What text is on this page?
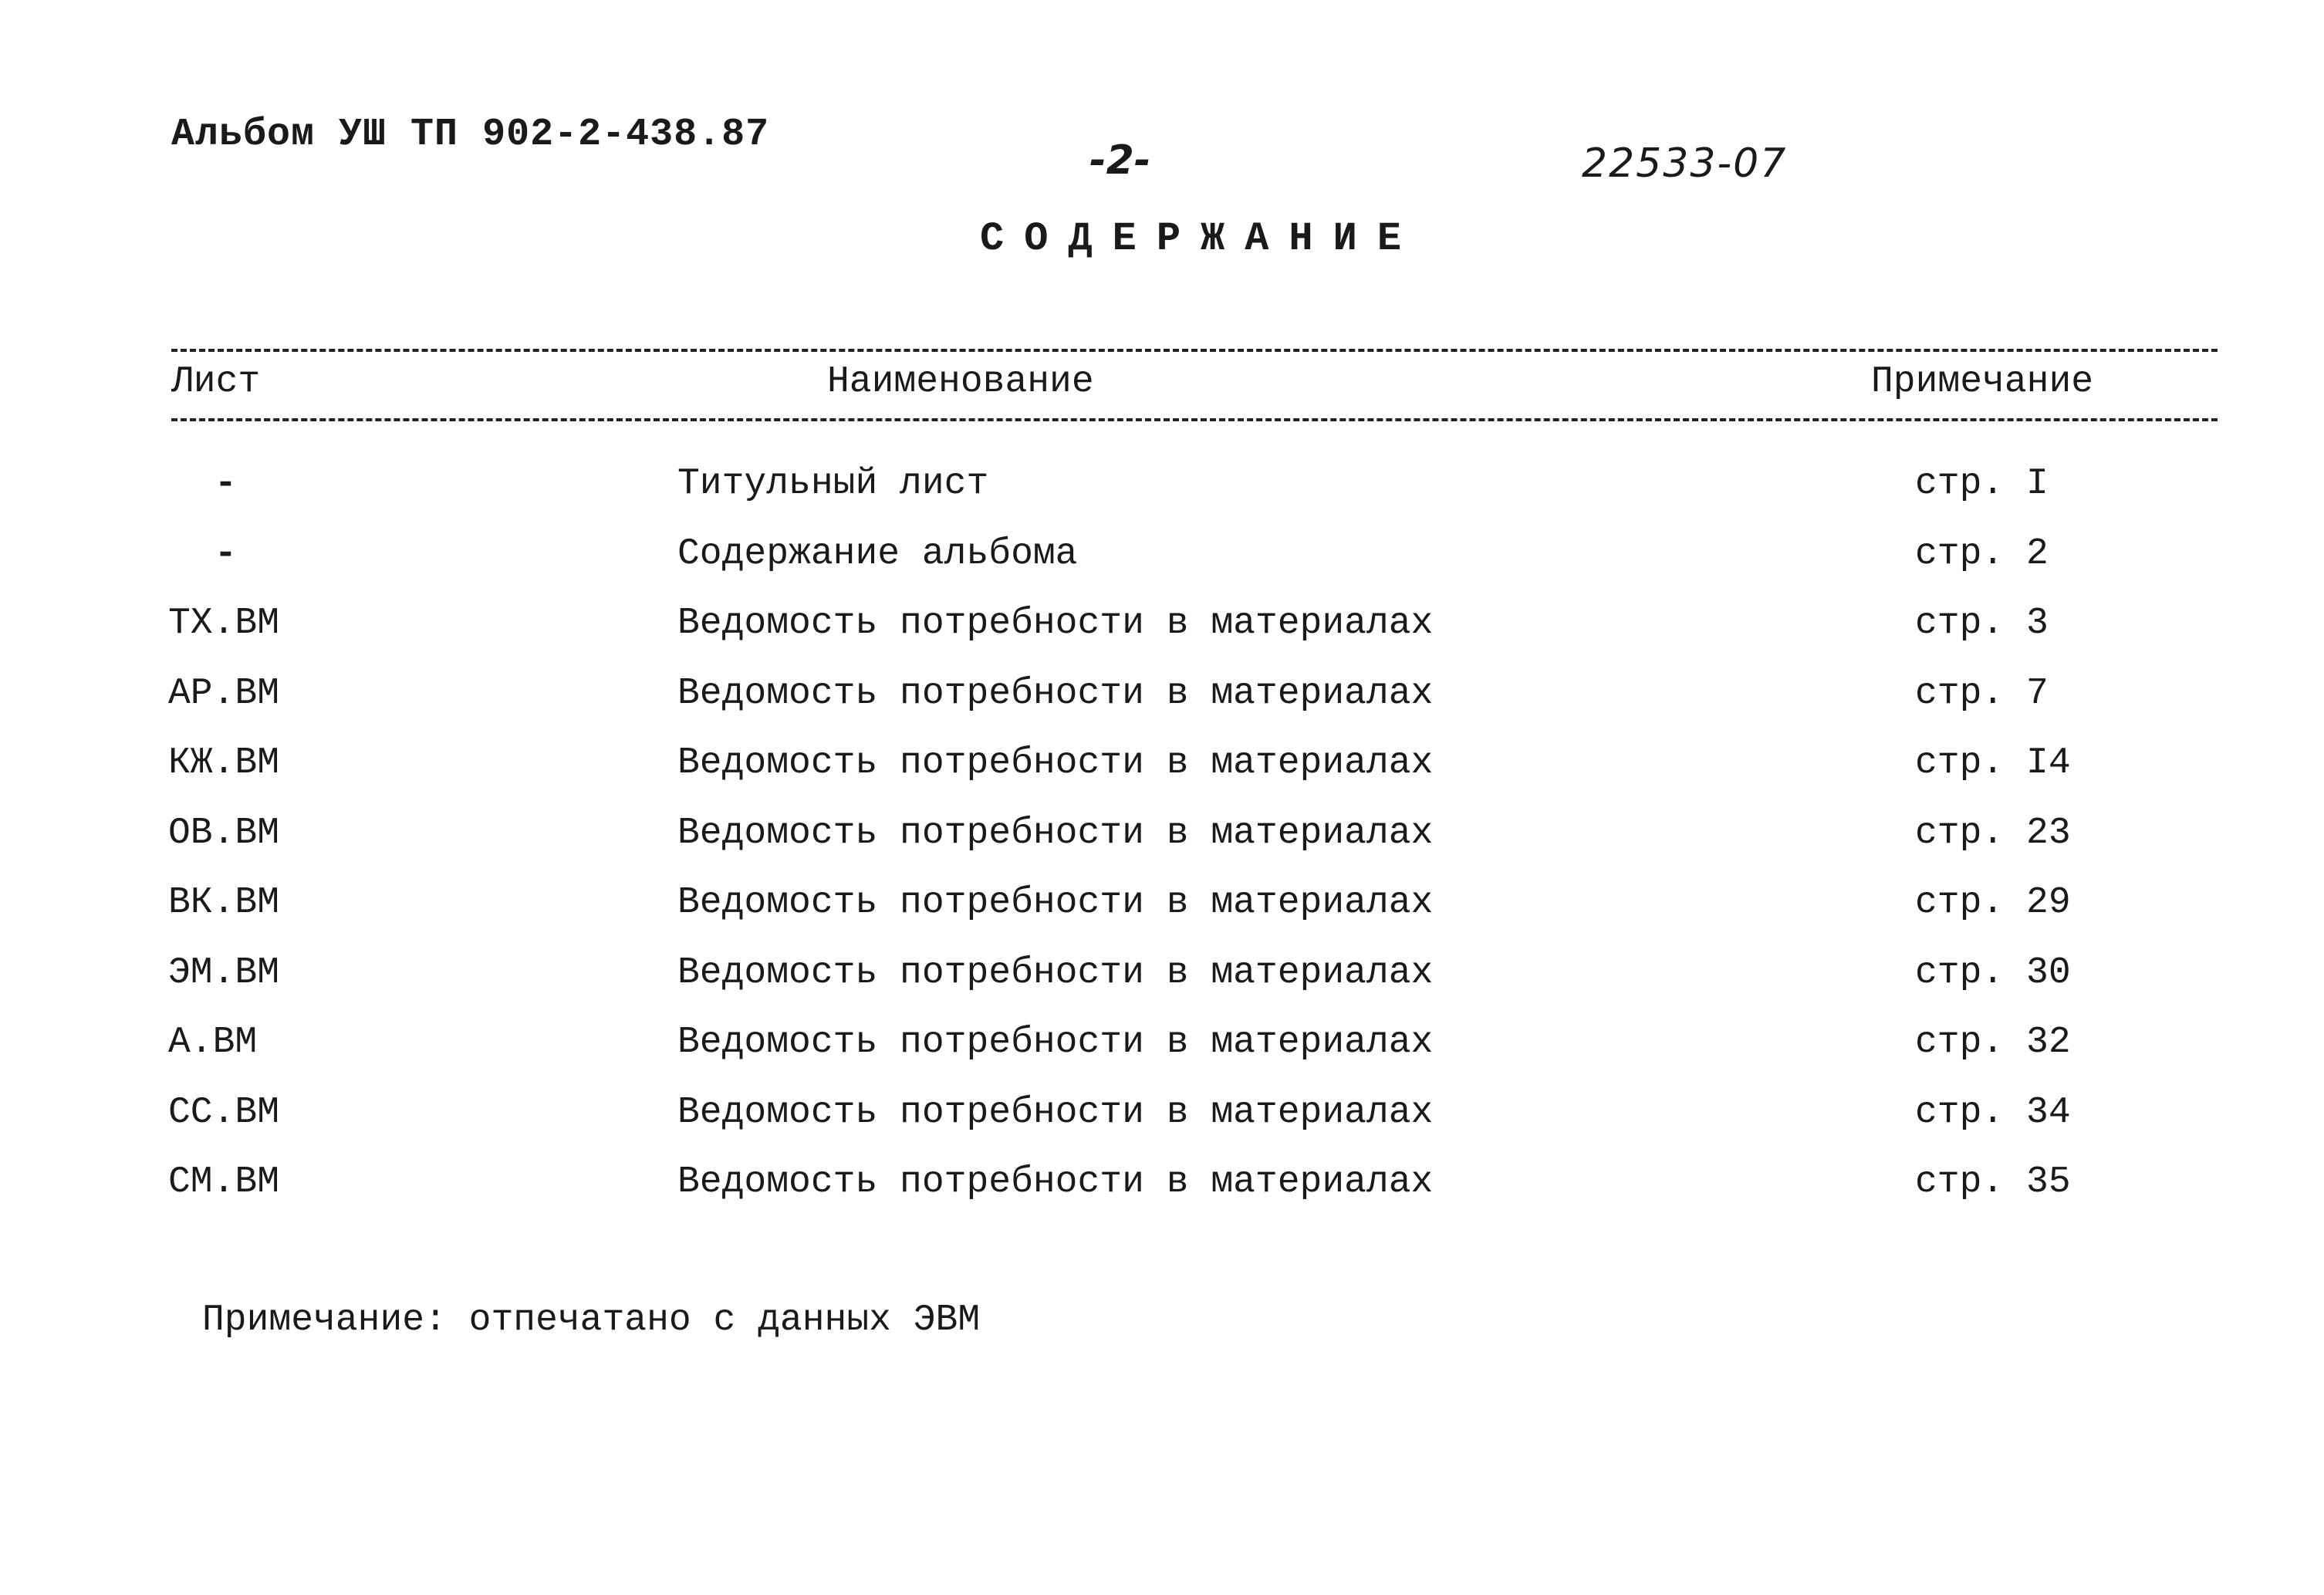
Альбом УШ ТП 902-2-438.87
-2-	22533-07
СОДЕРЖАНИЕ
Лист	Наименование	Примечание
-	Титульный лист	стр. I
-	Содержание альбома	стр. 2
ТХ.ВМ	Ведомость потребности в материалах	стр. 3
АР.ВМ	Ведомость потребности в материалах	стр. 7
КЖ.ВМ	Ведомость потребности в материалах	стр. I4
ОВ.ВМ	Ведомость потребности в материалах	стр. 23
ВК.ВМ	Ведомость потребности в материалах	стр. 29
ЭМ.ВМ	Ведомость потребности в материалах	стр. 30
А.ВМ	Ведомость потребности в материалах	стр. 32
СС.ВМ	Ведомость потребности в материалах	стр. 34
СМ.ВМ	Ведомость потребности в материалах	стр. 35
Примечание: отпечатано с данных ЭВМ
